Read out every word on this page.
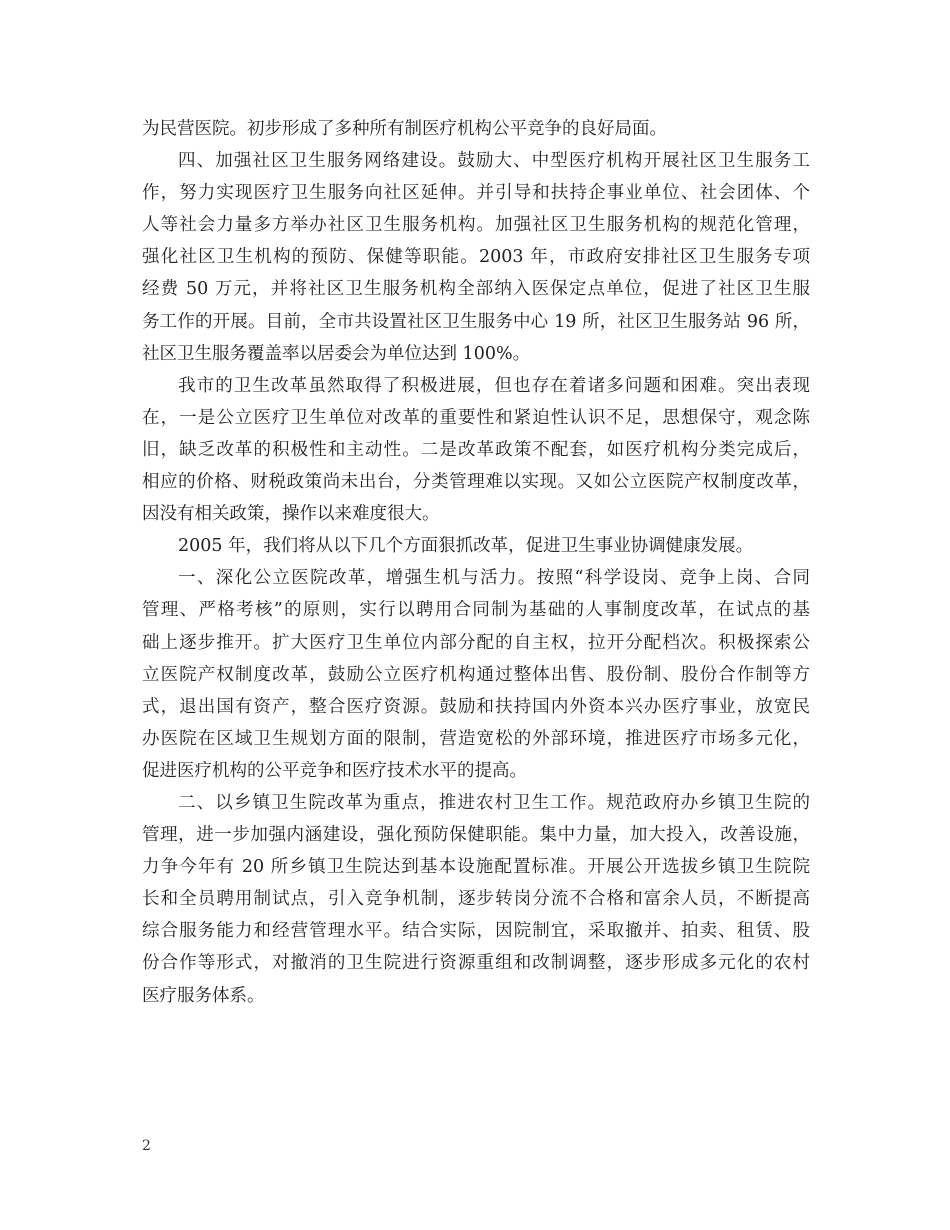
为民营医院。初步形成了多种所有制医疗机构公平竞争的良好局面。
四、加强社区卫生服务网络建设。鼓励大、中型医疗机构开展社区卫生服务工
作，努力实现医疗卫生服务向社区延伸。并引导和扶持企事业单位、社会团体、个
人等社会力量多方举办社区卫生服务机构。加强社区卫生服务机构的规范化管理，
强化社区卫生机构的预防、保健等职能。2003 年，市政府安排社区卫生服务专项
经费 50 万元，并将社区卫生服务机构全部纳入医保定点单位，促进了社区卫生服
务工作的开展。目前，全市共设置社区卫生服务中心 19 所，社区卫生服务站 96 所，
社区卫生服务覆盖率以居委会为单位达到 100%。
我市的卫生改革虽然取得了积极进展，但也存在着诸多问题和困难。突出表现
在，一是公立医疗卫生单位对改革的重要性和紧迫性认识不足，思想保守，观念陈
旧，缺乏改革的积极性和主动性。二是改革政策不配套，如医疗机构分类完成后，
相应的价格、财税政策尚未出台，分类管理难以实现。又如公立医院产权制度改革，
因没有相关政策，操作以来难度很大。
2005 年，我们将从以下几个方面狠抓改革，促进卫生事业协调健康发展。
一、深化公立医院改革，增强生机与活力。按照“科学设岗、竞争上岗、合同
管理、严格考核”的原则，实行以聘用合同制为基础的人事制度改革，在试点的基
础上逐步推开。扩大医疗卫生单位内部分配的自主权，拉开分配档次。积极探索公
立医院产权制度改革，鼓励公立医疗机构通过整体出售、股份制、股份合作制等方
式，退出国有资产，整合医疗资源。鼓励和扶持国内外资本兴办医疗事业，放宽民
办医院在区域卫生规划方面的限制，营造宽松的外部环境，推进医疗市场多元化，
促进医疗机构的公平竞争和医疗技术水平的提高。
二、以乡镇卫生院改革为重点，推进农村卫生工作。规范政府办乡镇卫生院的
管理，进一步加强内涵建设，强化预防保健职能。集中力量，加大投入，改善设施，
力争今年有 20 所乡镇卫生院达到基本设施配置标准。开展公开选拔乡镇卫生院院
长和全员聘用制试点，引入竞争机制，逐步转岗分流不合格和富余人员，不断提高
综合服务能力和经营管理水平。结合实际，因院制宜，采取撤并、拍卖、租赁、股
份合作等形式，对撤消的卫生院进行资源重组和改制调整，逐步形成多元化的农村
医疗服务体系。
2
